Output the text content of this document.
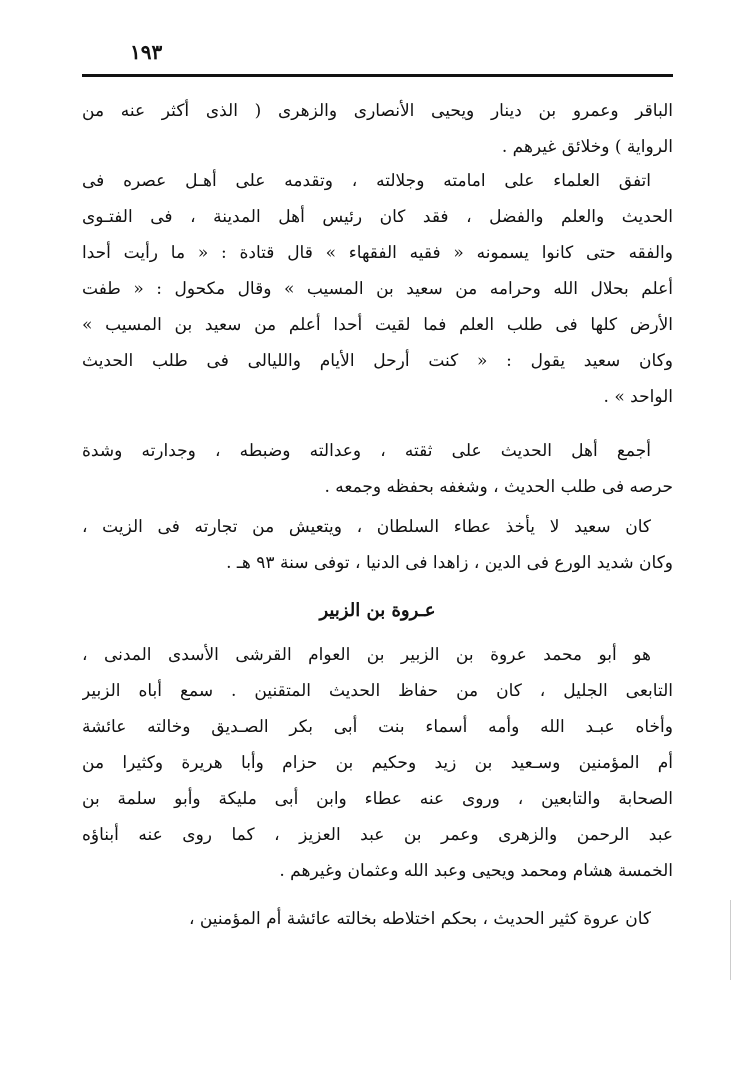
١٩٣
الباقر وعمرو بن دينار ويحيى الأنصارى والزهرى ( الذى أكثر عنه من
الرواية ) وخلائق غيرهم .
اتفق العلماء على امامته وجلالته ، وتقدمه على أهـل عصره فى
الحديث والعلم والفضل ، فقد كان رئيس أهل المدينة ، فى الفتـوى
والفقه حتى كانوا يسمونه « فقيه الفقهاء » قال قتادة : « ما رأيت أحدا
أعلم بحلال الله وحرامه من سعيد بن المسيب » وقال مكحول : « طفت
الأرض كلها فى طلب العلم فما لقيت أحدا أعلم من سعيد بن المسيب »
وكان سعيد يقول : « كنت أرحل الأيام والليالى فى طلب الحديث
الواحد » .
أجمع أهل الحديث على ثقته ، وعدالته وضبطه ، وجدارته وشدة
حرصه فى طلب الحديث ، وشغفه بحفظه وجمعه .
كان سعيد لا يأخذ عطاء السلطان ، ويتعيش من تجارته فى الزيت ،
وكان شديد الورع فى الدين ، زاهدا فى الدنيا ، توفى سنة ٩٣ هـ .
عـروة بن الزبير
هو أبو محمد عروة بن الزبير بن العوام القرشى الأسدى المدنى ،
التابعى الجليل ، كان من حفاظ الحديث المتقنين . سمع أباه الزبير
وأخاه عبـد الله وأمه أسماء بنت أبى بكر الصـديق وخالته عائشة
أم المؤمنين وسـعيد بن زيد وحكيم بن حزام وأبا هريرة وكثيرا من
الصحابة والتابعين ، وروى عنه عطاء وابن أبى مليكة وأبو سلمة بن
عبد الرحمن والزهرى وعمر بن عبد العزيز ، كما روى عنه أبناؤه
الخمسة هشام ومحمد ويحيى وعبد الله وعثمان وغيرهم .
كان عروة كثير الحديث ، بحكم اختلاطه بخالته عائشة أم المؤمنين ،
